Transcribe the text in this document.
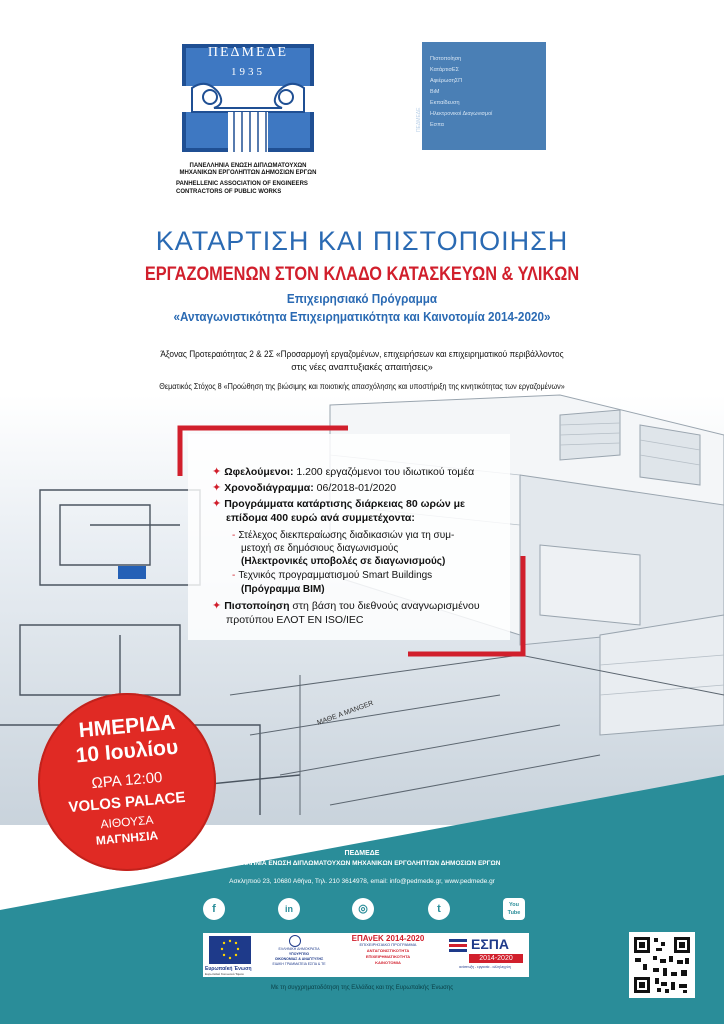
ΜΑΘΕ A MANGER
ΠΕΔΜΕΔΕ
1935
ΠΑΝΕΛΛΗΝΙΑ ΕΝΩΣΗ ΔΙΠΛΩΜΑΤΟΥΧΩΝ
ΜΗΧΑΝΙΚΩΝ ΕΡΓΟΛΗΠΤΩΝ ΔΗΜΟΣΙΩΝ ΕΡΓΩΝ
PANHELLENIC ASSOCIATION OF ENGINEERS
CONTRACTORS OF PUBLIC WORKS
Πιστοποίηση
ΚατάρτισΕΣ
ΑφιέρωσηΣΠ
ΒιΜ
Εκπαίδευση
Ηλεκτρονικοί Διαγωνισμοί
Εσπα
ΠΕΔΜΕΔΕ
ΚΑΤΑΡΤΙΣΗ ΚΑΙ ΠΙΣΤΟΠΟΙΗΣΗ
ΕΡΓΑΖΟΜΕΝΩΝ ΣΤΟΝ ΚΛΑΔΟ ΚΑΤΑΣΚΕΥΩΝ & ΥΛΙΚΩΝ
Επιχειρησιακό Πρόγραμμα
«Ανταγωνιστικότητα Επιχειρηματικότητα και Καινοτομία 2014-2020»
Άξονας Προτεραιότητας 2 & 2Σ «Προσαρμογή εργαζομένων, επιχειρήσεων και επιχειρηματικού περιβάλλοντος
στις νέες αναπτυξιακές απαιτήσεις»
Θεματικός Στόχος 8 «Προώθηση της βιώσιμης και ποιοτικής απασχόλησης και υποστήριξη της κινητικότητας των εργαζομένων»
✦ Ωφελούμενοι: 1.200 εργαζόμενοι του ιδιωτικού τομέα
✦ Χρονοδιάγραμμα: 06/2018-01/2020
✦ Προγράμματα κατάρτισης διάρκειας 80 ωρών με
επίδομα 400 ευρώ ανά συμμετέχοντα:
- Στέλεχος διεκπεραίωσης διαδικασιών για τη συμ-
μετοχή σε δημόσιους διαγωνισμούς
(Ηλεκτρονικές υποβολές σε διαγωνισμούς)
- Τεχνικός προγραμματισμού Smart Buildings
(Πρόγραμμα BIM)
✦ Πιστοποίηση στη βάση του διεθνούς αναγνωρισμένου
προτύπου ΕΛΟΤ ΕΝ ISO/IEC
ΗΜΕΡΙΔΑ
10 Ιουλίου
ΩΡΑ 12:00
VOLOS PALACE
ΑΙΘΟΥΣΑ
ΜΑΓΝΗΣΙΑ
ΠΕΔΜΕΔΕ
ΠΑΝΕΛΛΗΝΙΑ ΕΝΩΣΗ ΔΙΠΛΩΜΑΤΟΥΧΩΝ ΜΗΧΑΝΙΚΩΝ ΕΡΓΟΛΗΠΤΩΝ ΔΗΜΟΣΙΩΝ ΕΡΓΩΝ
Ασκληπιού 23, 10680 Αθήνα, Τηλ. 210 3614978, email: info@pedmede.gr, www.pedmede.gr
f	in	◎	t	You Tube
Ευρωπαϊκή Ένωση
Ευρωπαϊκό Κοινωνικό Ταμείο
ΕΛΛΗΝΙΚΗ ΔΗΜΟΚΡΑΤΙΑ
ΥΠΟΥΡΓΕΙΟ
ΟΙΚΟΝΟΜΙΑΣ & ΑΝΑΠΤΥΞΗΣ
ΕΙΔΙΚΗ ΓΡΑΜΜΑΤΕΙΑ ΕΣΠΑ & ΤΕ
ΕΠΑνΕΚ 2014-2020
ΕΠΙΧΕΙΡΗΣΙΑΚΟ ΠΡΟΓΡΑΜΜΑ
ΑΝΤΑΓΩΝΙΣΤΙΚΟΤΗΤΑ
ΕΠΙΧΕΙΡΗΜΑΤΙΚΟΤΗΤΑ
ΚΑΙΝΟΤΟΜΙΑ
ΕΣΠΑ
2014-2020
ανάπτυξη - εργασία - αλληλεγγύη
Με τη συγχρηματοδότηση της Ελλάδας και της Ευρωπαϊκής Ένωσης
